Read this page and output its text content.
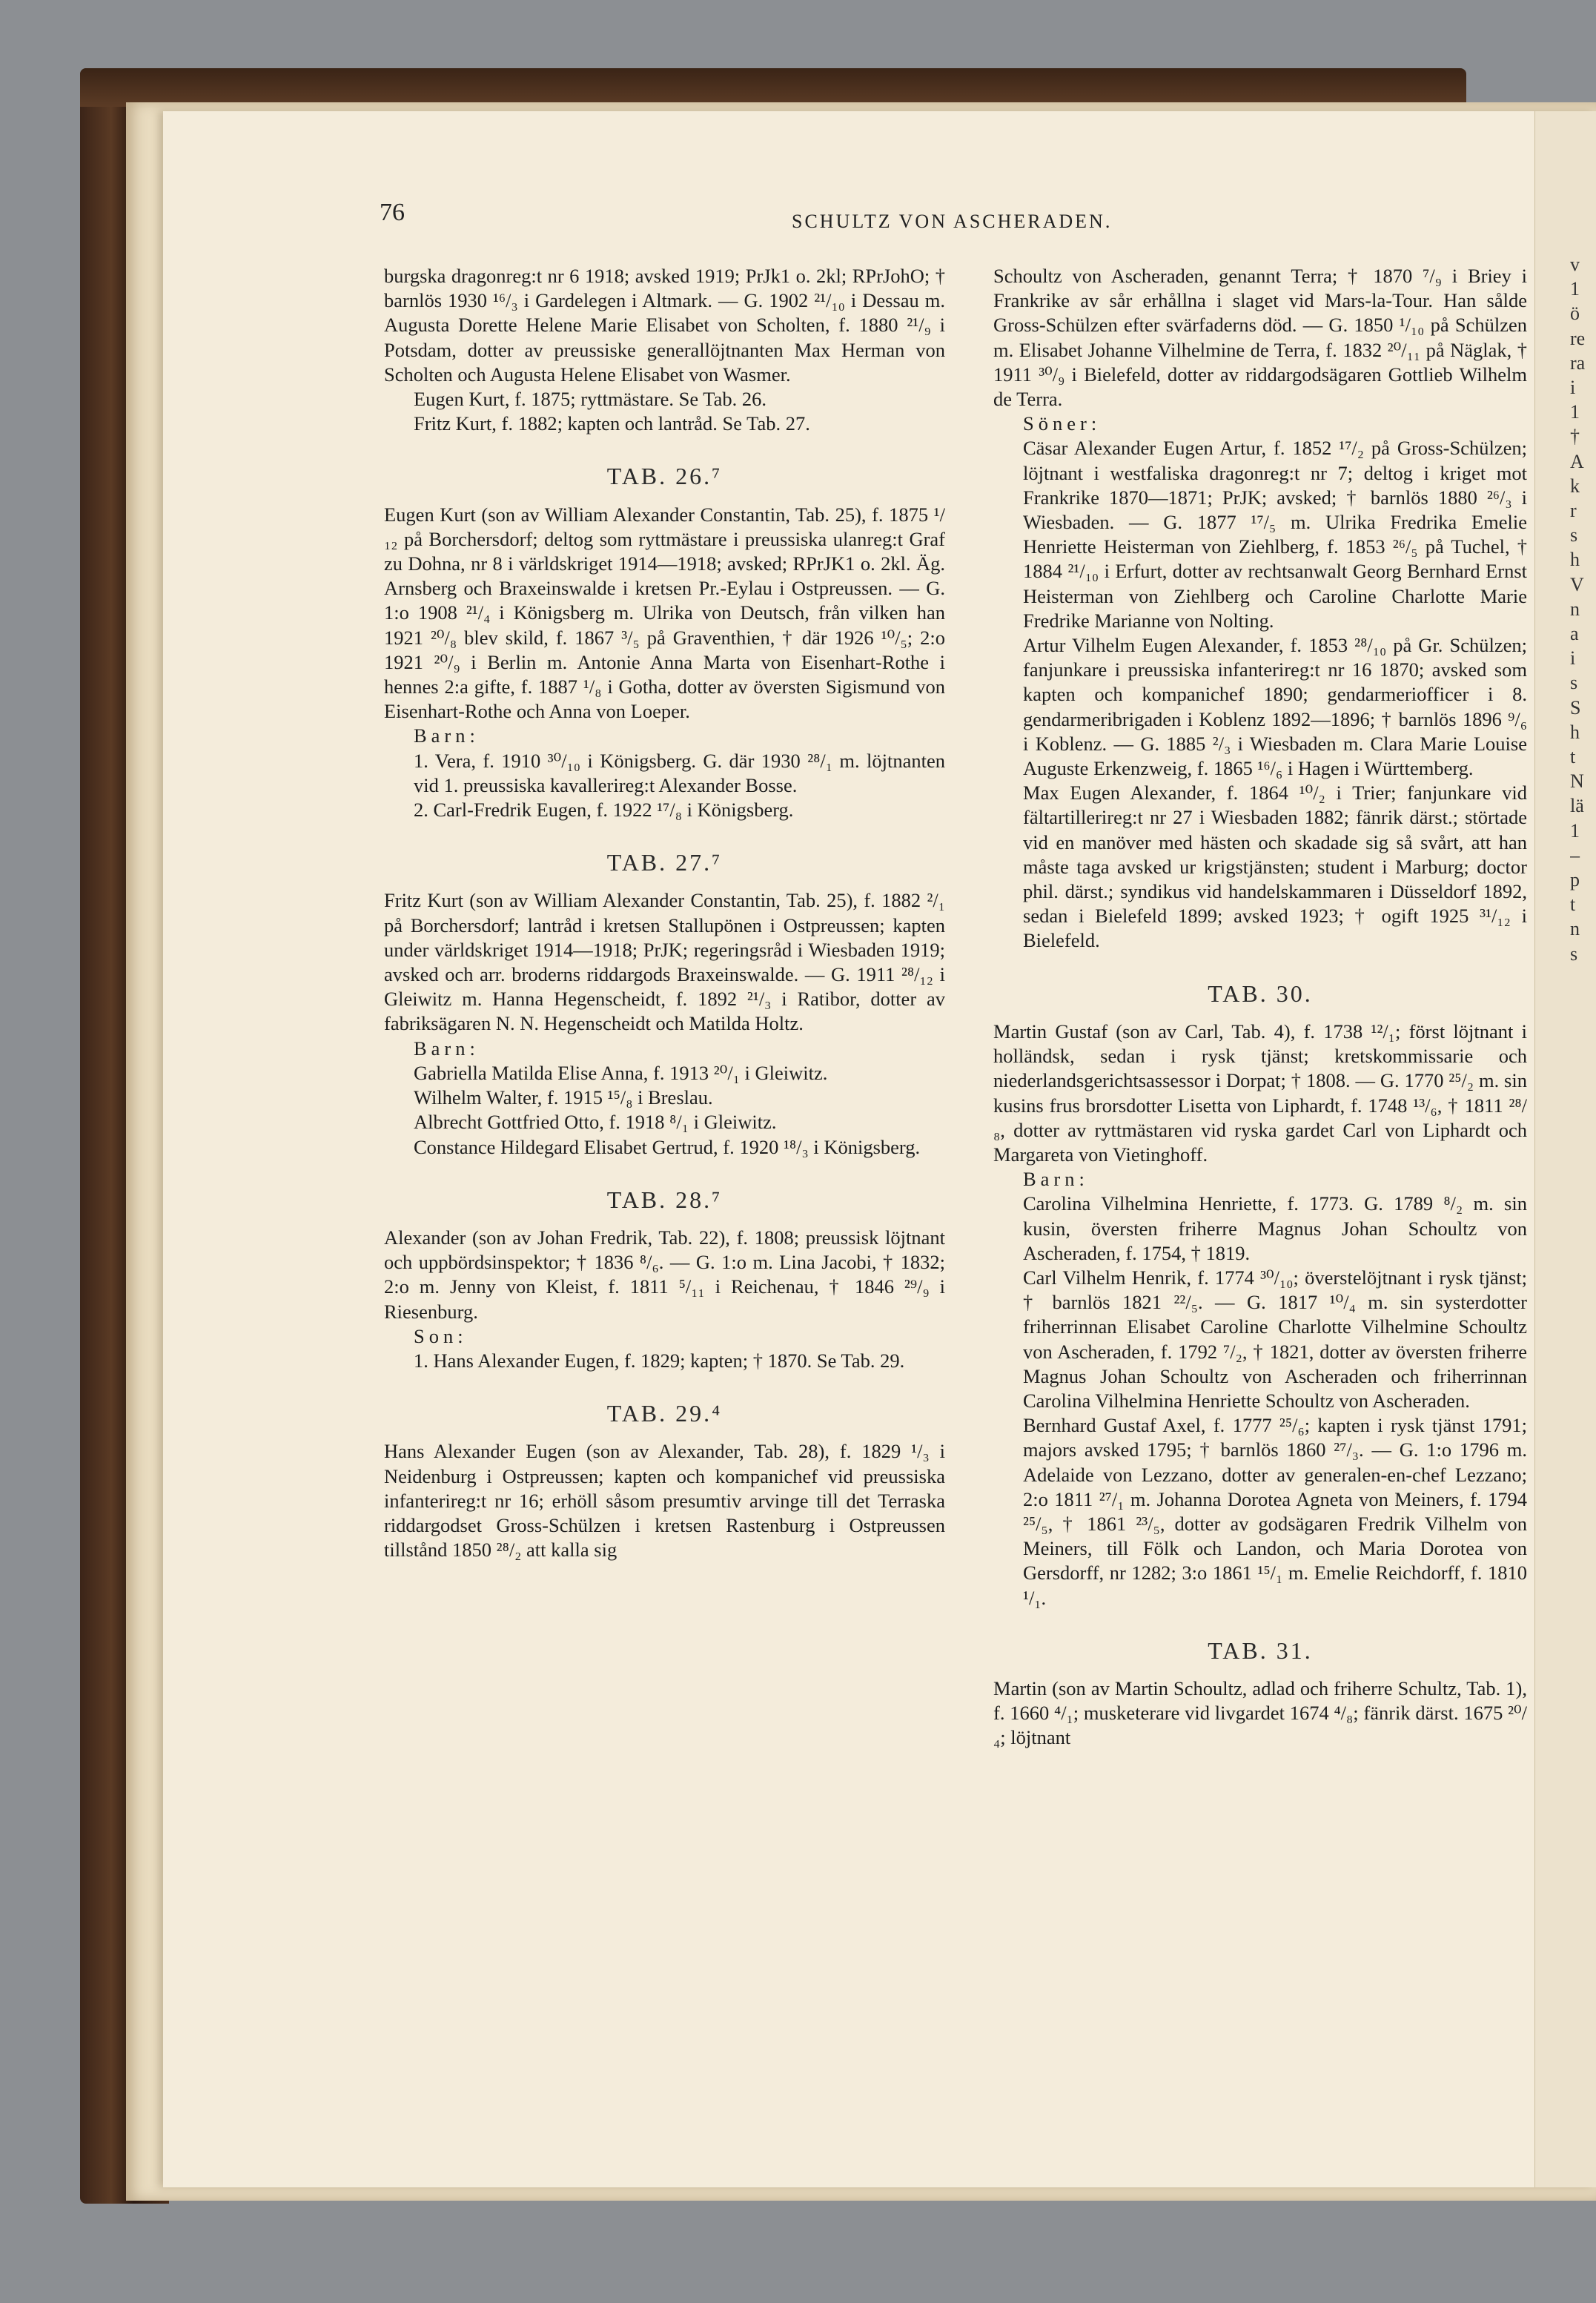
76	SCHULTZ VON ASCHERADEN.
burgska dragonreg:t nr 6 1918; avsked 1919; PrJk1 o. 2kl; RPrJohO; † barnlös 1930 ¹⁶/₃ i Gardelegen i Altmark. — G. 1902 ²¹/₁₀ i Dessau m. Augusta Dorette Helene Marie Elisabet von Scholten, f. 1880 ²¹/₉ i Potsdam, dotter av preussiske generallöjtnanten Max Herman von Scholten och Augusta Helene Elisabet von Wasmer.
Eugen Kurt, f. 1875; ryttmästare. Se Tab. 26.
Fritz Kurt, f. 1882; kapten och lantråd. Se Tab. 27.
TAB. 26.⁷
Eugen Kurt (son av William Alexander Constantin, Tab. 25), f. 1875 ¹/₁₂ på Borchersdorf; deltog som ryttmästare i preussiska ulanreg:t Graf zu Dohna, nr 8 i världskriget 1914—1918; avsked; RPrJK1 o. 2kl. Äg. Arnsberg och Braxeinswalde i kretsen Pr.-Eylau i Ostpreussen. — G. 1:o 1908 ²¹/₄ i Königsberg m. Ulrika von Deutsch, från vilken han 1921 ²⁰/₈ blev skild, f. 1867 ³/₅ på Graventhien, † där 1926 ¹⁰/₅; 2:o 1921 ²⁰/₉ i Berlin m. Antonie Anna Marta von Eisenhart-Rothe i hennes 2:a gifte, f. 1887 ¹/₈ i Gotha, dotter av översten Sigismund von Eisenhart-Rothe och Anna von Loeper.
Barn:
1. Vera, f. 1910 ³⁰/₁₀ i Königsberg. G. där 1930 ²⁸/₁ m. löjtnanten vid 1. preussiska kavallerireg:t Alexander Bosse.
2. Carl-Fredrik Eugen, f. 1922 ¹⁷/₈ i Königsberg.
TAB. 27.⁷
Fritz Kurt (son av William Alexander Constantin, Tab. 25), f. 1882 ²/₁ på Borchersdorf; lantråd i kretsen Stallupönen i Ostpreussen; kapten under världskriget 1914—1918; PrJK; regeringsråd i Wiesbaden 1919; avsked och arr. broderns riddargods Braxeinswalde. — G. 1911 ²⁸/₁₂ i Gleiwitz m. Hanna Hegenscheidt, f. 1892 ²¹/₃ i Ratibor, dotter av fabriksägaren N. N. Hegenscheidt och Matilda Holtz.
Barn:
Gabriella Matilda Elise Anna, f. 1913 ²⁰/₁ i Gleiwitz.
Wilhelm Walter, f. 1915 ¹⁵/₈ i Breslau.
Albrecht Gottfried Otto, f. 1918 ⁸/₁ i Gleiwitz.
Constance Hildegard Elisabet Gertrud, f. 1920 ¹⁸/₃ i Königsberg.
TAB. 28.⁷
Alexander (son av Johan Fredrik, Tab. 22), f. 1808; preussisk löjtnant och uppbördsinspektor; † 1836 ⁸/₆. — G. 1:o m. Lina Jacobi, † 1832; 2:o m. Jenny von Kleist, f. 1811 ⁵/₁₁ i Reichenau, † 1846 ²⁹/₉ i Riesenburg.
Son:
1. Hans Alexander Eugen, f. 1829; kapten; † 1870. Se Tab. 29.
TAB. 29.⁴
Hans Alexander Eugen (son av Alexander, Tab. 28), f. 1829 ¹/₃ i Neidenburg i Ostpreussen; kapten och kompanichef vid preussiska infanterireg:t nr 16; erhöll såsom presumtiv arvinge till det Terraska riddargodset Gross-Schülzen i kretsen Rastenburg i Ostpreussen tillstånd 1850 ²⁸/₂ att kalla sig
Schoultz von Ascheraden, genannt Terra; † 1870 ⁷/₉ i Briey i Frankrike av sår erhållna i slaget vid Mars-la-Tour. Han sålde Gross-Schülzen efter svärfaderns död. — G. 1850 ¹/₁₀ på Schülzen m. Elisabet Johanne Vilhelmine de Terra, f. 1832 ²⁰/₁₁ på Näglak, † 1911 ³⁰/₉ i Bielefeld, dotter av riddargodsägaren Gottlieb Wilhelm de Terra.
Söner:
Cäsar Alexander Eugen Artur, f. 1852 ¹⁷/₂ på Gross-Schülzen; löjtnant i westfaliska dragonreg:t nr 7; deltog i kriget mot Frankrike 1870—1871; PrJK; avsked; † barnlös 1880 ²⁶/₃ i Wiesbaden. — G. 1877 ¹⁷/₅ m. Ulrika Fredrika Emelie Henriette Heisterman von Ziehlberg, f. 1853 ²⁶/₅ på Tuchel, † 1884 ²¹/₁₀ i Erfurt, dotter av rechtsanwalt Georg Bernhard Ernst Heisterman von Ziehlberg och Caroline Charlotte Marie Fredrike Marianne von Nolting.
Artur Vilhelm Eugen Alexander, f. 1853 ²⁸/₁₀ på Gr. Schülzen; fanjunkare i preussiska infanterireg:t nr 16 1870; avsked som kapten och kompanichef 1890; gendarmeriofficer i 8. gendarmeribrigaden i Koblenz 1892—1896; † barnlös 1896 ⁹/₆ i Koblenz. — G. 1885 ²/₃ i Wiesbaden m. Clara Marie Louise Auguste Erkenzweig, f. 1865 ¹⁶/₆ i Hagen i Württemberg.
Max Eugen Alexander, f. 1864 ¹⁰/₂ i Trier; fanjunkare vid fältartillerireg:t nr 27 i Wiesbaden 1882; fänrik därst.; störtade vid en manöver med hästen och skadade sig så svårt, att han måste taga avsked ur krigstjänsten; student i Marburg; doctor phil. därst.; syndikus vid handelskammaren i Düsseldorf 1892, sedan i Bielefeld 1899; avsked 1923; † ogift 1925 ³¹/₁₂ i Bielefeld.
TAB. 30.
Martin Gustaf (son av Carl, Tab. 4), f. 1738 ¹²/₁; först löjtnant i holländsk, sedan i rysk tjänst; kretskommissarie och niederlandsgerichtsassessor i Dorpat; † 1808. — G. 1770 ²⁵/₂ m. sin kusins frus brorsdotter Lisetta von Liphardt, f. 1748 ¹³/₆, † 1811 ²⁸/₈, dotter av ryttmästaren vid ryska gardet Carl von Liphardt och Margareta von Vietinghoff.
Barn:
Carolina Vilhelmina Henriette, f. 1773. G. 1789 ⁸/₂ m. sin kusin, översten friherre Magnus Johan Schoultz von Ascheraden, f. 1754, † 1819.
Carl Vilhelm Henrik, f. 1774 ³⁰/₁₀; överstelöjtnant i rysk tjänst; † barnlös 1821 ²²/₅. — G. 1817 ¹⁰/₄ m. sin systerdotter friherrinnan Elisabet Caroline Charlotte Vilhelmine Schoultz von Ascheraden, f. 1792 ⁷/₂, † 1821, dotter av översten friherre Magnus Johan Schoultz von Ascheraden och friherrinnan Carolina Vilhelmina Henriette Schoultz von Ascheraden.
Bernhard Gustaf Axel, f. 1777 ²⁵/₆; kapten i rysk tjänst 1791; majors avsked 1795; † barnlös 1860 ²⁷/₃. — G. 1:o 1796 m. Adelaide von Lezzano, dotter av generalen-en-chef Lezzano; 2:o 1811 ²⁷/₁ m. Johanna Dorotea Agneta von Meiners, f. 1794 ²⁵/₅, † 1861 ²³/₅, dotter av godsägaren Fredrik Vilhelm von Meiners, till Fölk och Landon, och Maria Dorotea von Gersdorff, nr 1282; 3:o 1861 ¹⁵/₁ m. Emelie Reichdorff, f. 1810 ¹/₁.
TAB. 31.
Martin (son av Martin Schoultz, adlad och friherre Schultz, Tab. 1), f. 1660 ⁴/₁; musketerare vid livgardet 1674 ⁴/₈; fänrik därst. 1675 ²⁰/₄; löjtnant
v
1
ö
re
ra
i
1
†
A
k
r
s
h
V
n
a
i
s
S
h
t
N
lä
1
–
p
t
n
s
